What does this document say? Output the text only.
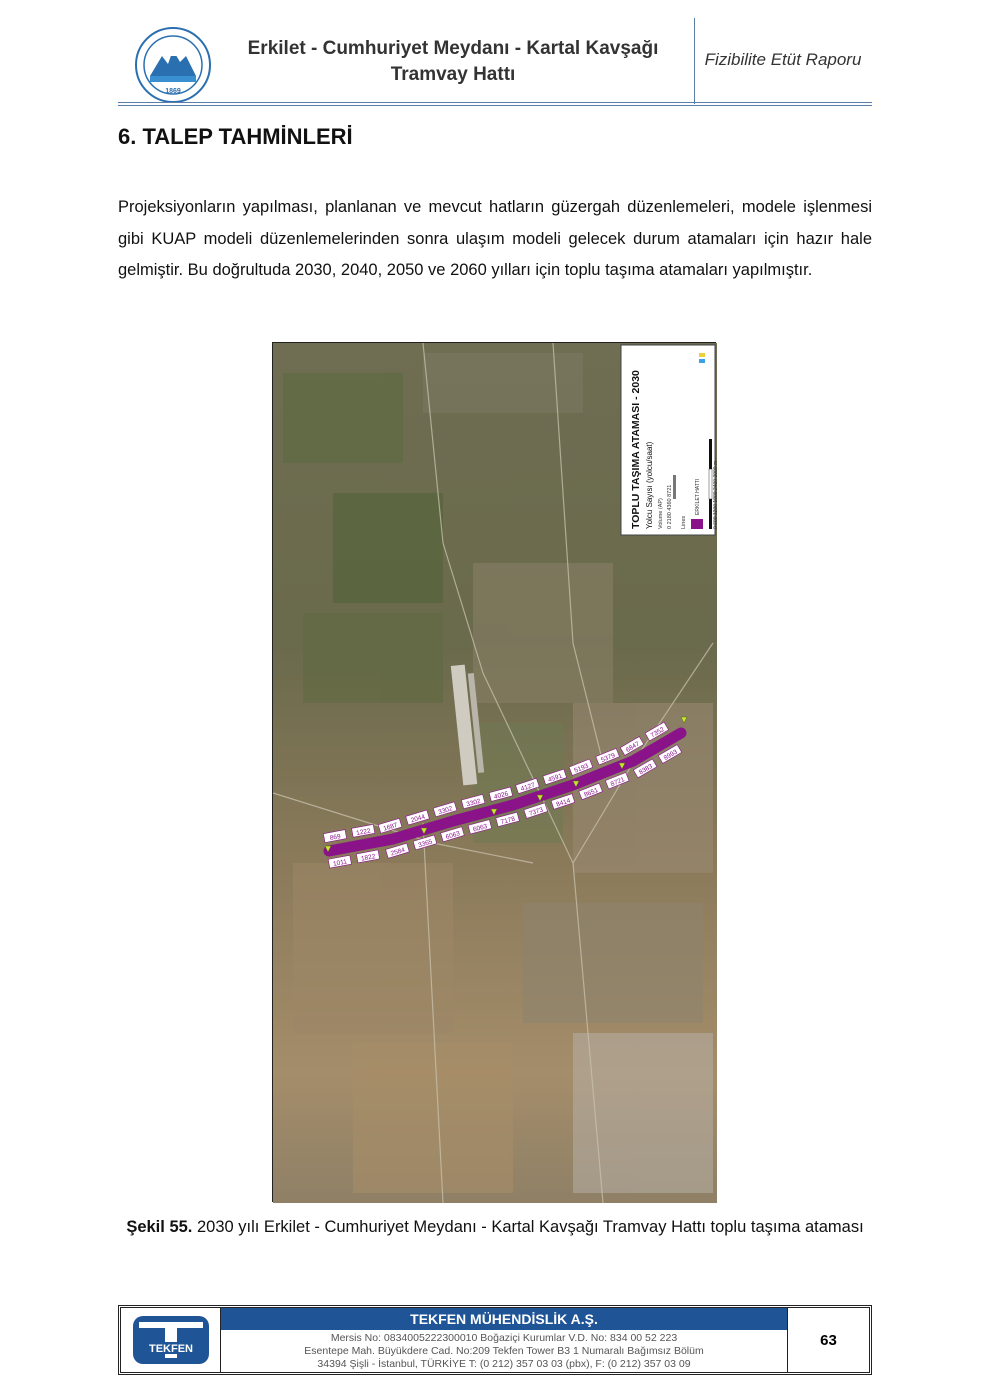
1869
Erkilet - Cumhuriyet Meydanı - Kartal Kavşağı
Tramvay Hattı
Fizibilite Etüt Raporu
6. TALEP TAHMİNLERİ
Projeksiyonların yapılması, planlanan ve mevcut hatların güzergah düzenlemeleri, modele işlenmesi gibi KUAP modeli düzenlemelerinden sonra ulaşım modeli gelecek durum atamaları için hazır hale gelmiştir. Bu doğrultuda 2030, 2040, 2050 ve 2060 yılları için toplu taşıma atamaları yapılmıştır.
TOPLU TAŞIMA ATAMASI - 2030 Yolcu Sayısı (yolcu/saat) Volume (AP) 0 2180 4360 8721 Lines
ERKİLET HATTI 0 600 1200 1800 2400 3000 m
869
1222 1687
2044
3302
3302
4026
4127
4591
5193
5379
6847
7352
1011
1822
2584
3365
6063
6063
7178
7373
8414
8651
8721
8383
8993
Şekil 55. 2030 yılı Erkilet - Cumhuriyet Meydanı - Kartal Kavşağı Tramvay Hattı toplu taşıma ataması
TEKFEN
TEKFEN MÜHENDİSLİK A.Ş.
Mersis No: 0834005222300010 Boğaziçi Kurumlar V.D. No: 834 00 52 223
Esentepe Mah. Büyükdere Cad. No:209 Tekfen Tower B3 1 Numaralı Bağımsız Bölüm
34394 Şişli - İstanbul, TÜRKİYE T: (0 212) 357 03 03 (pbx), F: (0 212) 357 03 09
63
